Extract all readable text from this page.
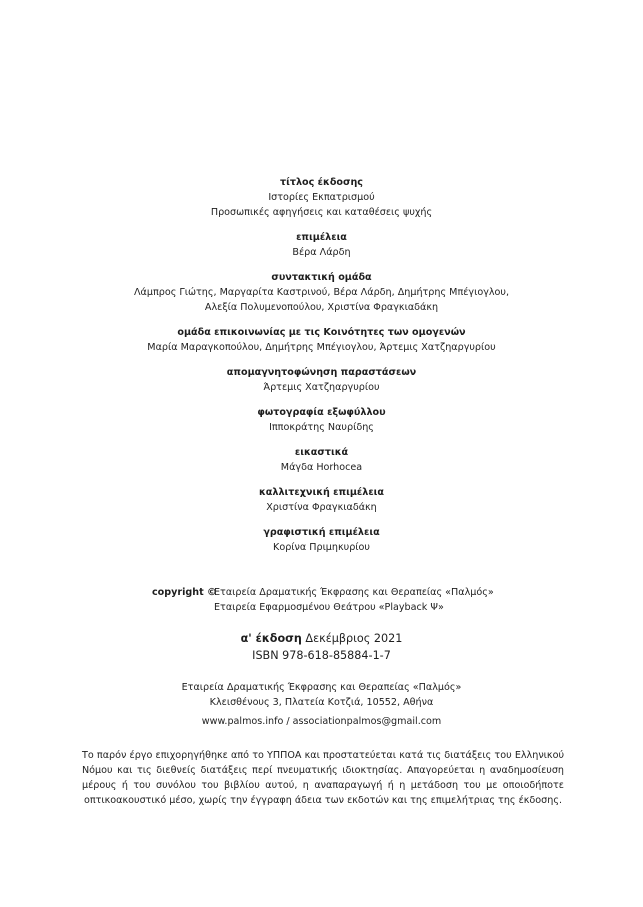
τίτλος έκδοσης
Ιστορίες Εκπατρισμού
Προσωπικές αφηγήσεις και καταθέσεις ψυχής
επιμέλεια
Βέρα Λάρδη
συντακτική ομάδα
Λάμπρος Γιώτης, Μαργαρίτα Καστρινού, Βέρα Λάρδη, Δημήτρης Μπέγιογλου,
Αλεξία Πολυμενοπούλου, Χριστίνα Φραγκιαδάκη
ομάδα επικοινωνίας με τις Κοινότητες των ομογενών
Μαρία Μαραγκοπούλου, Δημήτρης Μπέγιογλου, Άρτεμις Χατζηαργυρίου
απομαγνητοφώνηση παραστάσεων
Άρτεμις Χατζηαργυρίου
φωτογραφία εξωφύλλου
Ιπποκράτης Ναυρίδης
εικαστικά
Μάγδα Horhocea
καλλιτεχνική επιμέλεια
Χριστίνα Φραγκιαδάκη
γραφιστική επιμέλεια
Κορίνα Πριμηκυρίου
copyright ©
Εταιρεία Δραματικής Έκφρασης και Θεραπείας «Παλμός»
Εταιρεία Εφαρμοσμένου Θεάτρου «Playback Ψ»
α' έκδοση Δεκέμβριος 2021
ISBN 978-618-85884-1-7
Εταιρεία Δραματικής Έκφρασης και Θεραπείας «Παλμός»
Κλεισθένους 3, Πλατεία Κοτζιά, 10552, Αθήνα
www.palmos.info / associationpalmos@gmail.com
Το παρόν έργο επιχορηγήθηκε από το ΥΠΠΟΑ και προστατεύεται κατά τις διατάξεις του Ελληνικού Νόμου και τις διεθνείς διατάξεις περί πνευματικής ιδιοκτησίας. Απαγορεύεται η αναδημοσίευση μέρους ή του συνόλου του βιβλίου αυτού, η αναπαραγωγή ή η μετάδοση του με οποιοδήποτε οπτικοακουστικό μέσο, χωρίς την έγγραφη άδεια των εκδοτών και της επιμελήτριας της έκδοσης.
